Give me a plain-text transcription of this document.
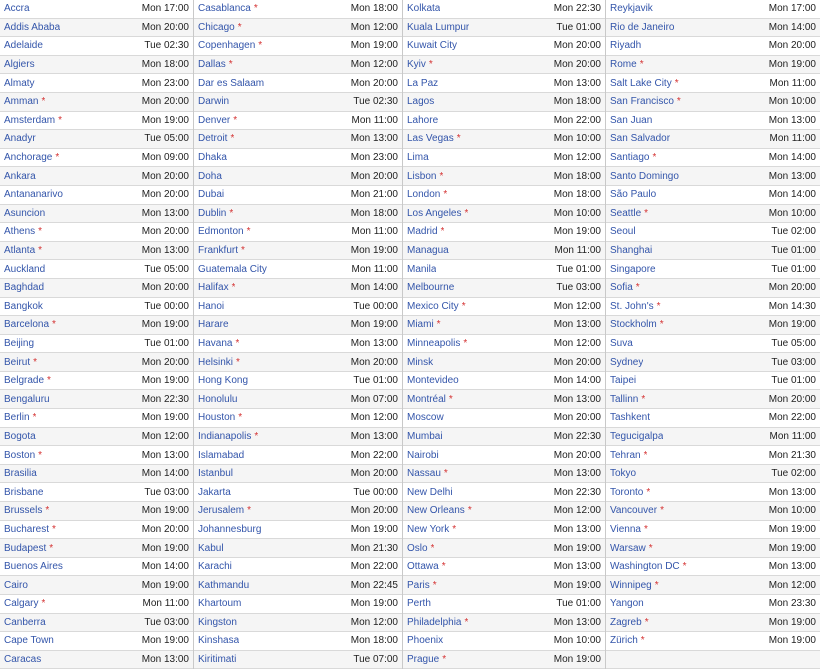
Accra	Mon 17:00
Addis Ababa	Mon 20:00
Adelaide	Tue 02:30
Algiers	Mon 18:00
Almaty	Mon 23:00
Amman *	Mon 20:00
Amsterdam *	Mon 19:00
Anadyr	Tue 05:00
Anchorage *	Mon 09:00
Ankara	Mon 20:00
Antananarivo	Mon 20:00
Asuncion	Mon 13:00
Athens *	Mon 20:00
Atlanta *	Mon 13:00
Auckland	Tue 05:00
Baghdad	Mon 20:00
Bangkok	Tue 00:00
Barcelona *	Mon 19:00
Beijing	Tue 01:00
Beirut *	Mon 20:00
Belgrade *	Mon 19:00
Bengaluru	Mon 22:30
Berlin *	Mon 19:00
Bogota	Mon 12:00
Boston *	Mon 13:00
Brasilia	Mon 14:00
Brisbane	Tue 03:00
Brussels *	Mon 19:00
Bucharest *	Mon 20:00
Budapest *	Mon 19:00
Buenos Aires	Mon 14:00
Cairo	Mon 19:00
Calgary *	Mon 11:00
Canberra	Tue 03:00
Cape Town	Mon 19:00
Caracas	Mon 13:00
Casablanca *	Mon 18:00
Chicago *	Mon 12:00
Copenhagen *	Mon 19:00
Dallas *	Mon 12:00
Dar es Salaam	Mon 20:00
Darwin	Tue 02:30
Denver *	Mon 11:00
Detroit *	Mon 13:00
Dhaka	Mon 23:00
Doha	Mon 20:00
Dubai	Mon 21:00
Dublin *	Mon 18:00
Edmonton *	Mon 11:00
Frankfurt *	Mon 19:00
Guatemala City	Mon 11:00
Halifax *	Mon 14:00
Hanoi	Tue 00:00
Harare	Mon 19:00
Havana *	Mon 13:00
Helsinki *	Mon 20:00
Hong Kong	Tue 01:00
Honolulu	Mon 07:00
Houston *	Mon 12:00
Indianapolis *	Mon 13:00
Islamabad	Mon 22:00
Istanbul	Mon 20:00
Jakarta	Tue 00:00
Jerusalem *	Mon 20:00
Johannesburg	Mon 19:00
Kabul	Mon 21:30
Karachi	Mon 22:00
Kathmandu	Mon 22:45
Khartoum	Mon 19:00
Kingston	Mon 12:00
Kinshasa	Mon 18:00
Kiritimati	Tue 07:00
Kolkata	Mon 22:30
Kuala Lumpur	Tue 01:00
Kuwait City	Mon 20:00
Kyiv *	Mon 20:00
La Paz	Mon 13:00
Lagos	Mon 18:00
Lahore	Mon 22:00
Las Vegas *	Mon 10:00
Lima	Mon 12:00
Lisbon *	Mon 18:00
London *	Mon 18:00
Los Angeles *	Mon 10:00
Madrid *	Mon 19:00
Managua	Mon 11:00
Manila	Tue 01:00
Melbourne	Tue 03:00
Mexico City *	Mon 12:00
Miami *	Mon 13:00
Minneapolis *	Mon 12:00
Minsk	Mon 20:00
Montevideo	Mon 14:00
Montréal *	Mon 13:00
Moscow	Mon 20:00
Mumbai	Mon 22:30
Nairobi	Mon 20:00
Nassau *	Mon 13:00
New Delhi	Mon 22:30
New Orleans *	Mon 12:00
New York *	Mon 13:00
Oslo *	Mon 19:00
Ottawa *	Mon 13:00
Paris *	Mon 19:00
Perth	Tue 01:00
Philadelphia *	Mon 13:00
Phoenix	Mon 10:00
Prague *	Mon 19:00
Reykjavik	Mon 17:00
Rio de Janeiro	Mon 14:00
Riyadh	Mon 20:00
Rome *	Mon 19:00
Salt Lake City *	Mon 11:00
San Francisco *	Mon 10:00
San Juan	Mon 13:00
San Salvador	Mon 11:00
Santiago *	Mon 14:00
Santo Domingo	Mon 13:00
São Paulo	Mon 14:00
Seattle *	Mon 10:00
Seoul	Tue 02:00
Shanghai	Tue 01:00
Singapore	Tue 01:00
Sofia *	Mon 20:00
St. John's *	Mon 14:30
Stockholm *	Mon 19:00
Suva	Tue 05:00
Sydney	Tue 03:00
Taipei	Tue 01:00
Tallinn *	Mon 20:00
Tashkent	Mon 22:00
Tegucigalpa	Mon 11:00
Tehran *	Mon 21:30
Tokyo	Tue 02:00
Toronto *	Mon 13:00
Vancouver *	Mon 10:00
Vienna *	Mon 19:00
Warsaw *	Mon 19:00
Washington DC *	Mon 13:00
Winnipeg *	Mon 12:00
Yangon	Mon 23:30
Zagreb *	Mon 19:00
Zürich *	Mon 19:00
